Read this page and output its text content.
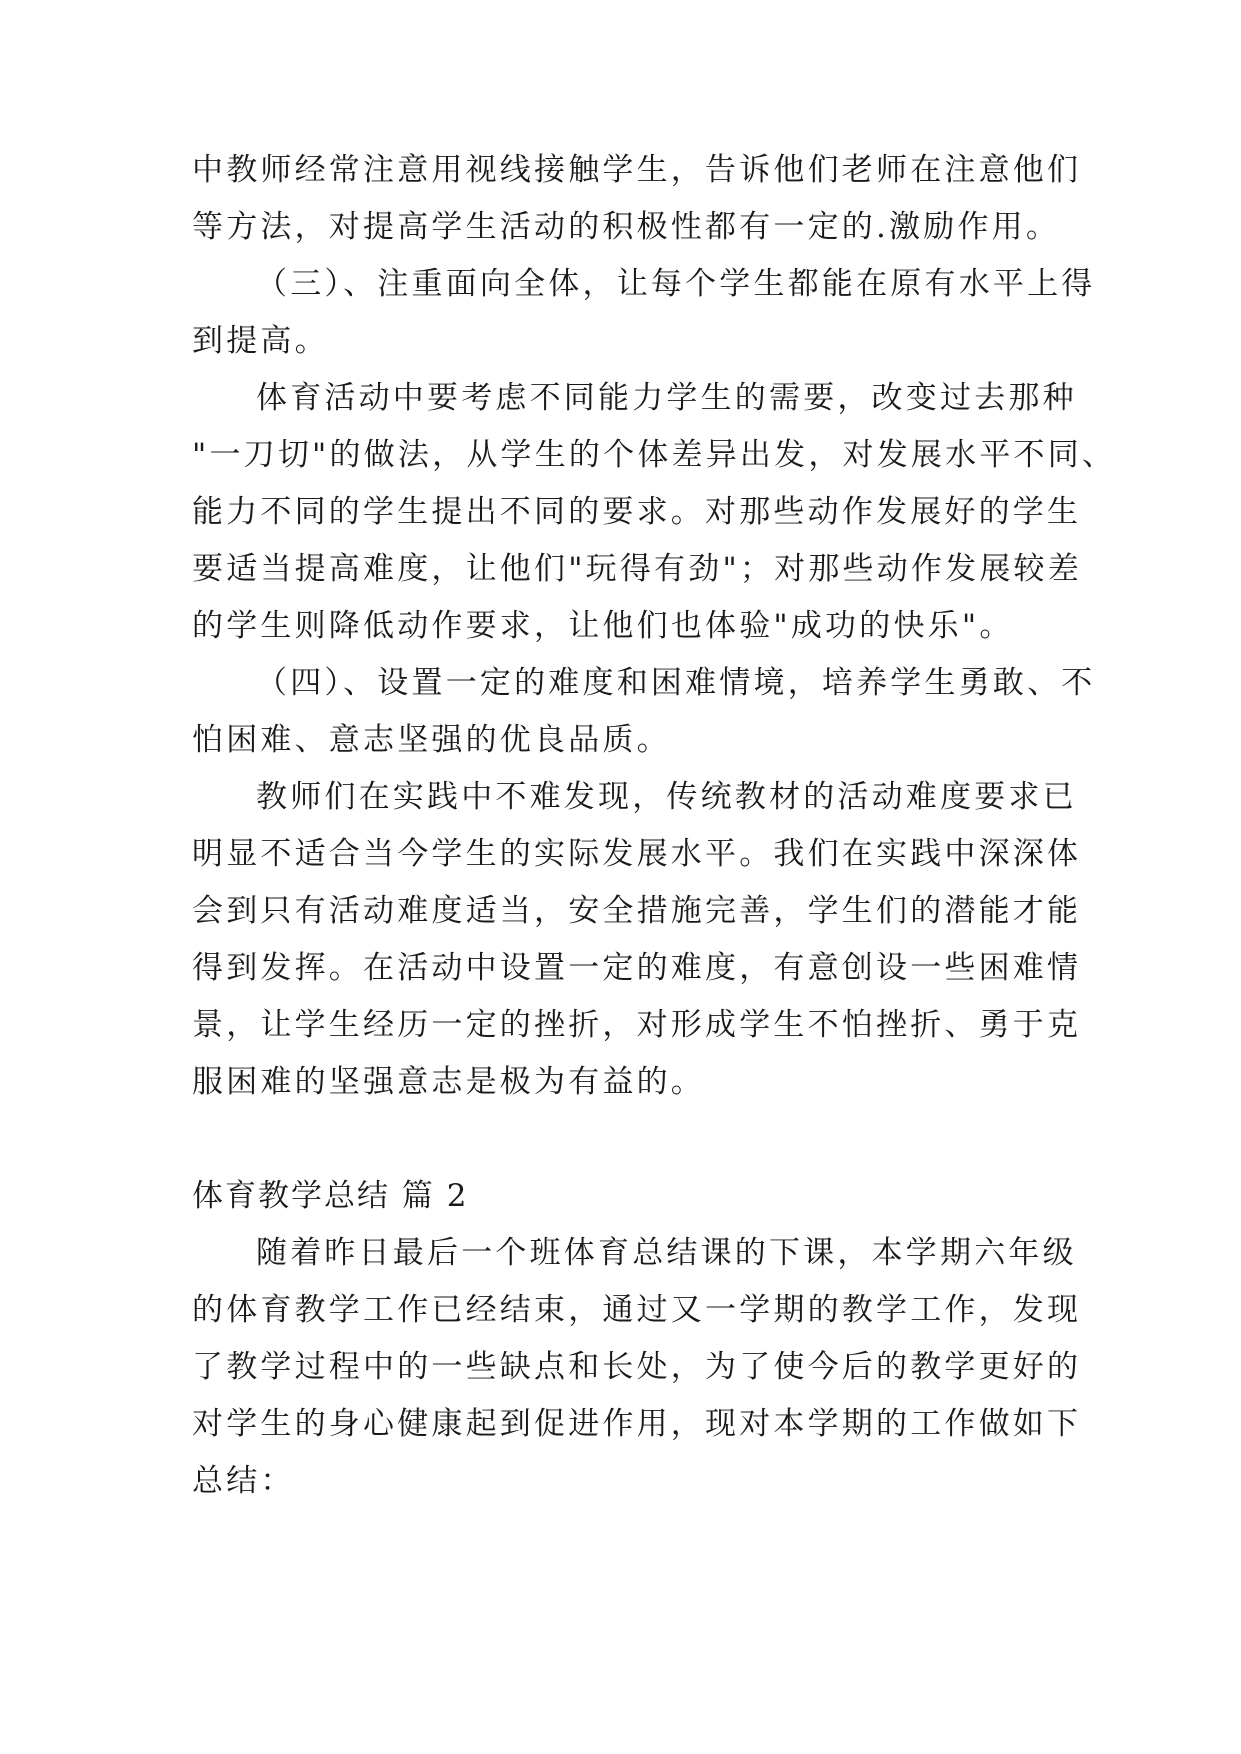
中教师经常注意用视线接触学生，告诉他们老师在注意他们
等方法，对提高学生活动的积极性都有一定的.激励作用。
（三）、注重面向全体，让每个学生都能在原有水平上得
到提高。
体育活动中要考虑不同能力学生的需要，改变过去那种
"一刀切"的做法，从学生的个体差异出发，对发展水平不同、
能力不同的学生提出不同的要求。对那些动作发展好的学生
要适当提高难度，让他们"玩得有劲"；对那些动作发展较差
的学生则降低动作要求，让他们也体验"成功的快乐"。
（四）、设置一定的难度和困难情境，培养学生勇敢、不
怕困难、意志坚强的优良品质。
教师们在实践中不难发现，传统教材的活动难度要求已
明显不适合当今学生的实际发展水平。我们在实践中深深体
会到只有活动难度适当，安全措施完善，学生们的潜能才能
得到发挥。在活动中设置一定的难度，有意创设一些困难情
景，让学生经历一定的挫折，对形成学生不怕挫折、勇于克
服困难的坚强意志是极为有益的。
体育教学总结 篇 2
随着昨日最后一个班体育总结课的下课，本学期六年级
的体育教学工作已经结束，通过又一学期的教学工作，发现
了教学过程中的一些缺点和长处，为了使今后的教学更好的
对学生的身心健康起到促进作用，现对本学期的工作做如下
总结：
